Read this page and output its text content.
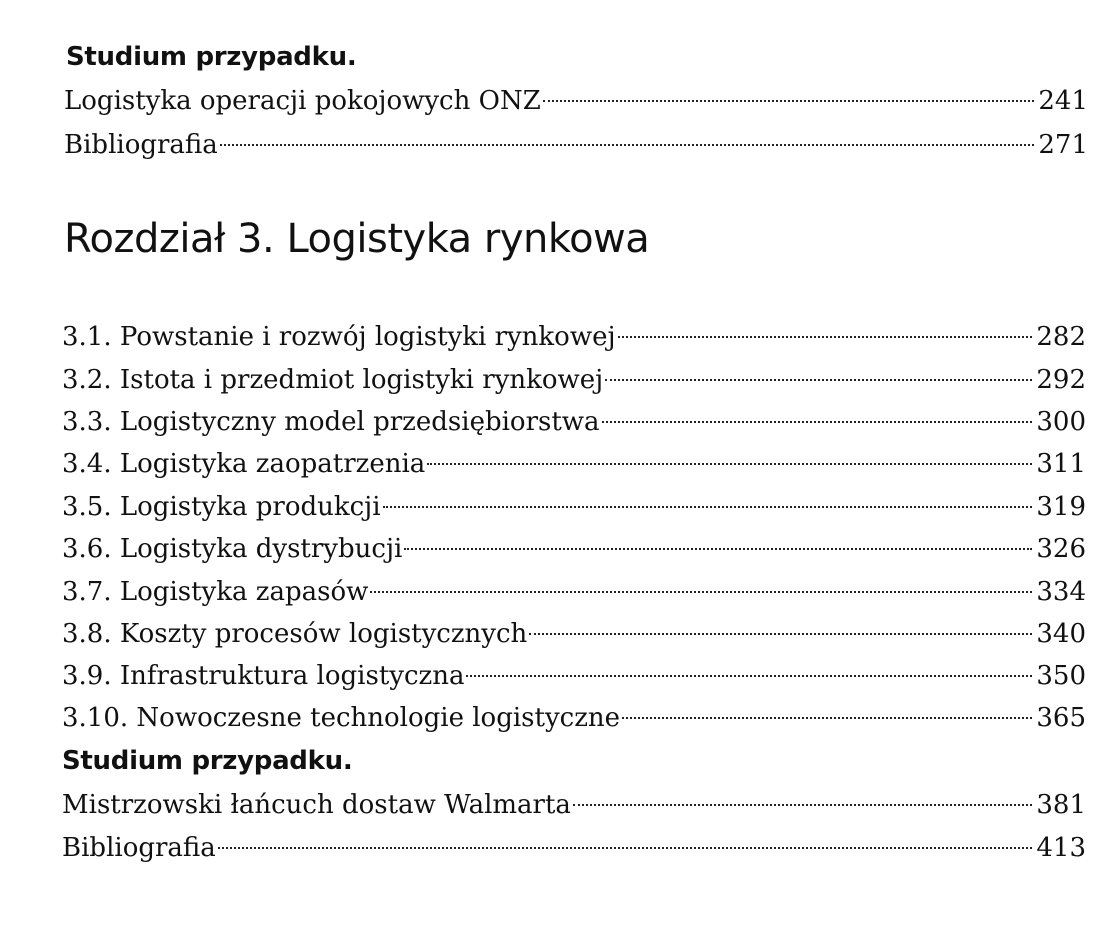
Studium przypadku.
Logistyka operacji pokojowych ONZ	241
Bibliografia	271
Rozdział 3. Logistyka rynkowa
3.1. Powstanie i rozwój logistyki rynkowej	282
3.2. Istota i przedmiot logistyki rynkowej	292
3.3. Logistyczny model przedsiębiorstwa	300
3.4. Logistyka zaopatrzenia	311
3.5. Logistyka produkcji	319
3.6. Logistyka dystrybucji	326
3.7. Logistyka zapasów	334
3.8. Koszty procesów logistycznych	340
3.9. Infrastruktura logistyczna	350
3.10. Nowoczesne technologie logistyczne	365
Studium przypadku.
Mistrzowski łańcuch dostaw Walmarta	381
Bibliografia	413
